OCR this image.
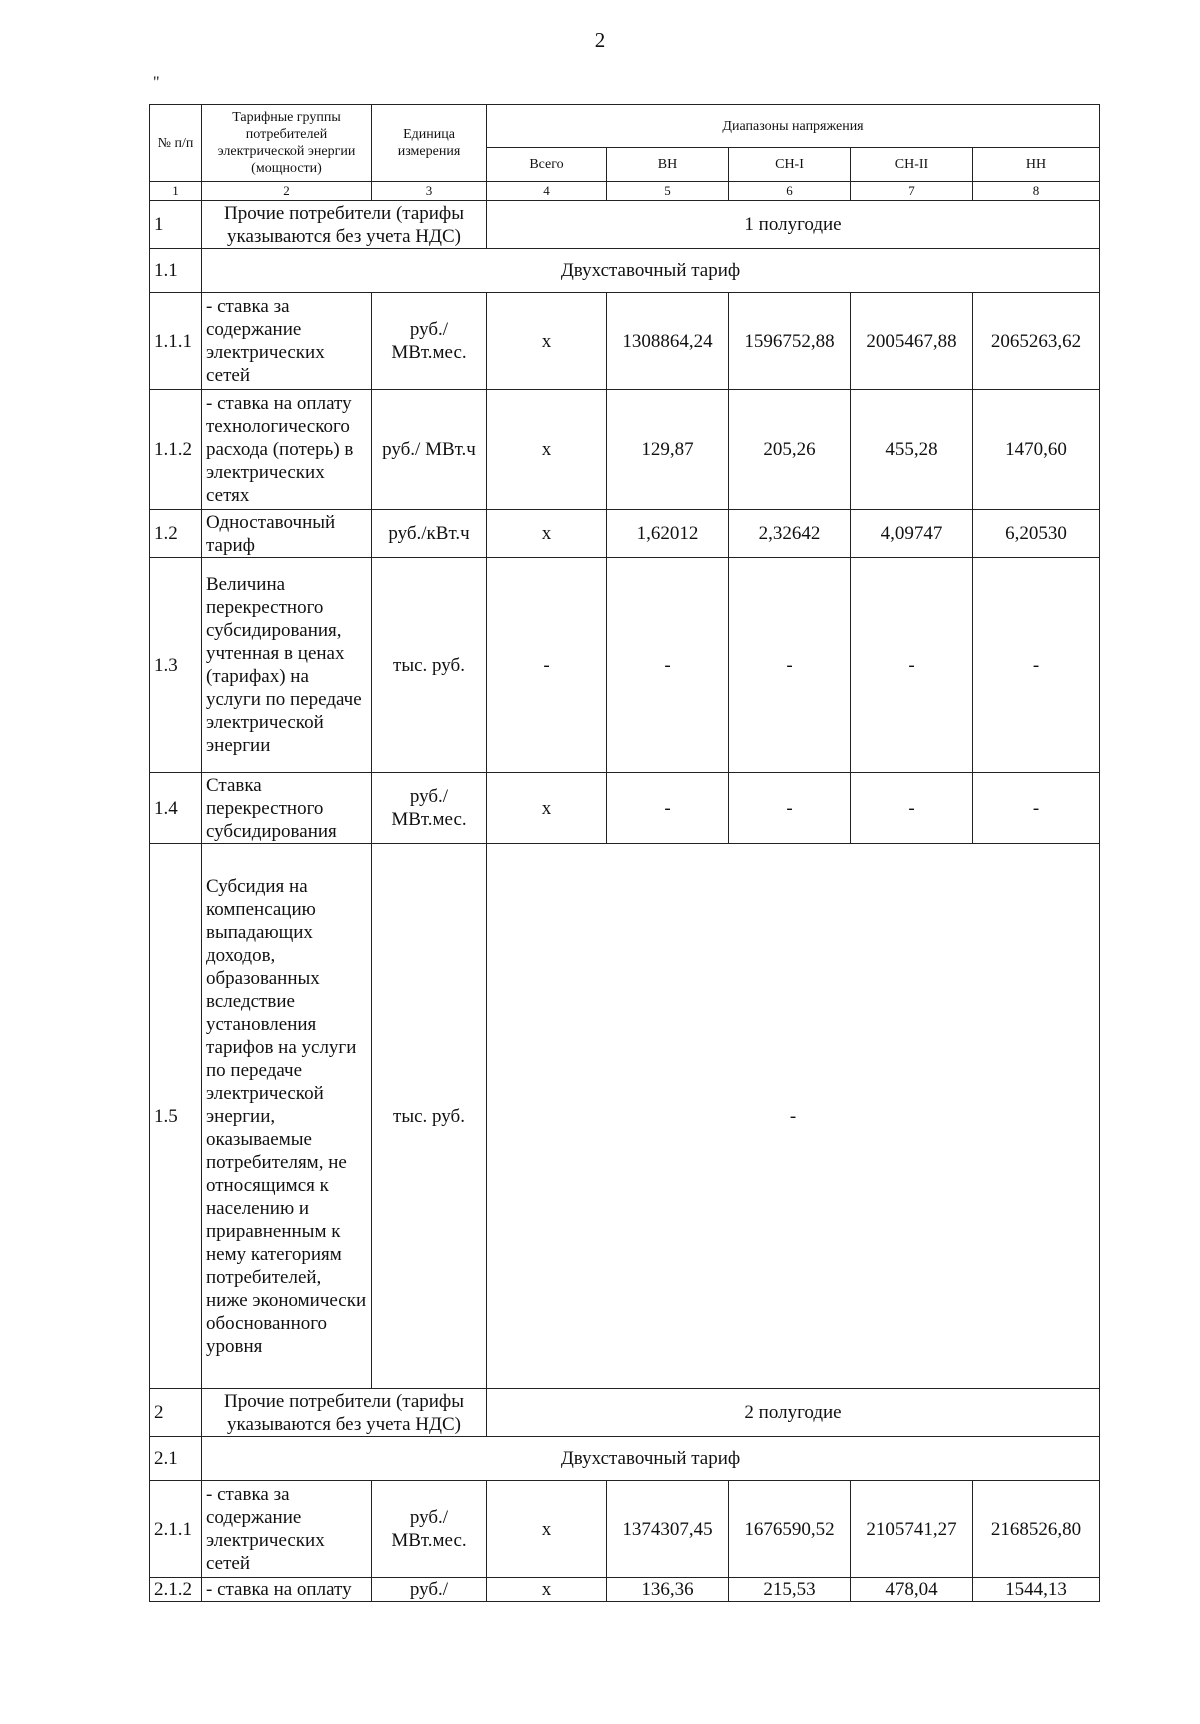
2
"
№ п/п	Тарифные группы потребителей электрической энергии (мощности)	Единица измерения	Диапазоны напряжения				
			Всего	ВН	СН-I	СН-II	НН
1	2	3	4	5	6	7	8
1	Прочие потребители (тарифы указываются без учета НДС)		1 полугодие				
1.1	Двухставочный тариф						
1.1.1	- ставка за содержание электрических сетей	руб./ МВт.мес.	x	1308864,24	1596752,88	2005467,88	2065263,62
1.1.2	- ставка на оплату технологического расхода (потерь) в электрических сетях	руб./ МВт.ч	x	129,87	205,26	455,28	1470,60
1.2	Одноставочный тариф	руб./кВт.ч	x	1,62012	2,32642	4,09747	6,20530
1.3	Величина перекрестного субсидирования, учтенная в ценах (тарифах) на услуги по передаче электрической энергии	тыс. руб.	-	-	-	-	-
1.4	Ставка перекрестного субсидирования	руб./ МВт.мес.	x	-	-	-	-
1.5	Субсидия на компенсацию выпадающих доходов, образованных вследствие установления тарифов на услуги по передаче электрической энергии, оказываемые потребителям, не относящимся к населению и приравненным к нему категориям потребителей, ниже экономически обоснованного уровня	тыс. руб.	-				
2	Прочие потребители (тарифы указываются без учета НДС)		2 полугодие				
2.1	Двухставочный тариф						
2.1.1	- ставка за содержание электрических сетей	руб./ МВт.мес.	x	1374307,45	1676590,52	2105741,27	2168526,80
2.1.2	- ставка на оплату	руб./	x	136,36	215,53	478,04	1544,13
